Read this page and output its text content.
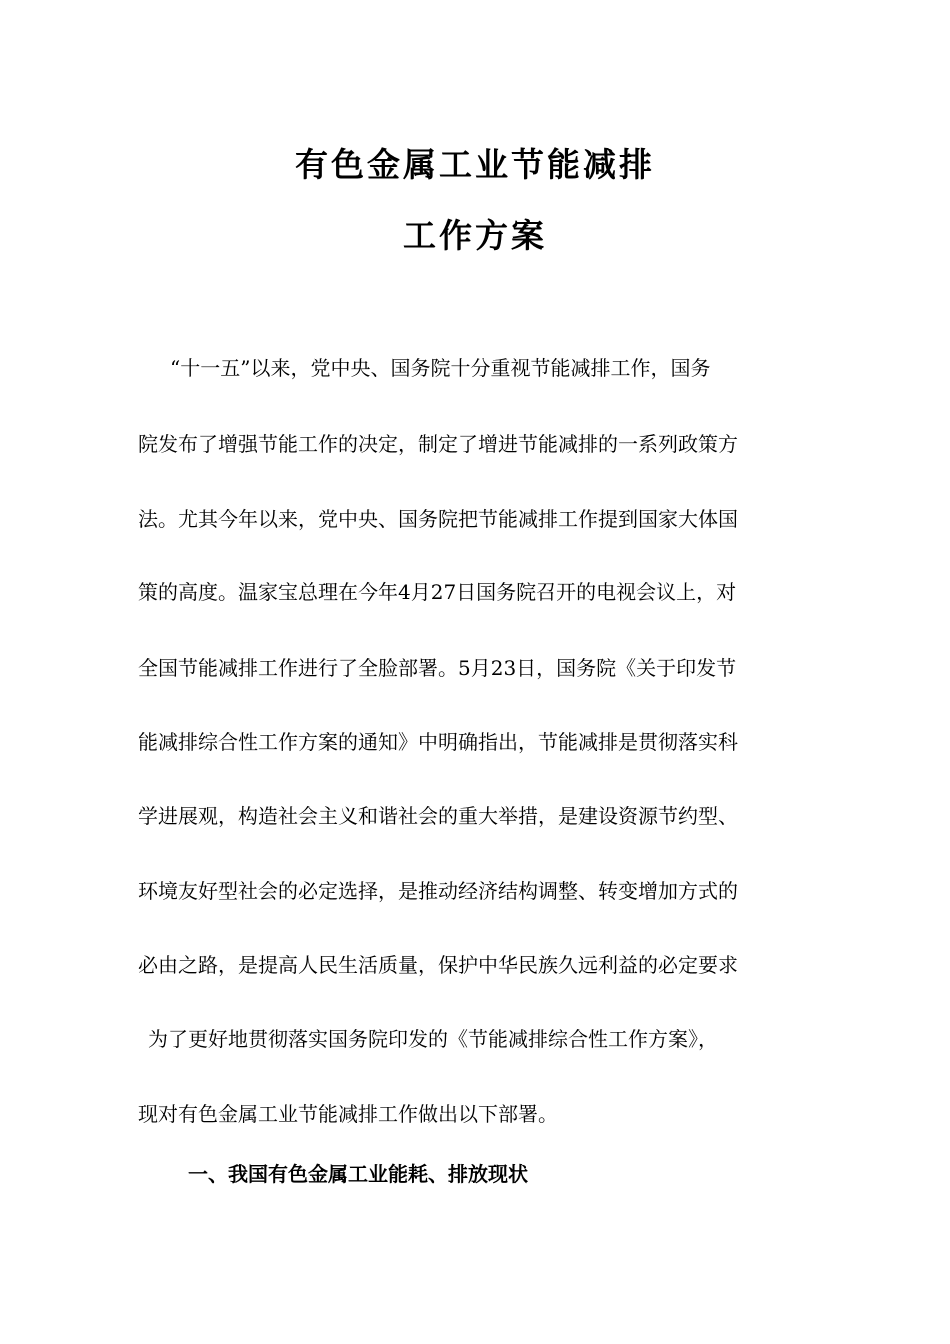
有色金属工业节能减排
工作方案
“十一五”以来，党中央、国务院十分重视节能减排工作，国务
院发布了增强节能工作的决定，制定了增进节能减排的一系列政策方
法。尤其今年以来，党中央、国务院把节能减排工作提到国家大体国
策的高度。温家宝总理在今年4月27日国务院召开的电视会议上，对
全国节能减排工作进行了全脸部署。5月23日，国务院《关于印发节
能减排综合性工作方案的通知》中明确指出，节能减排是贯彻落实科
学进展观，构造社会主义和谐社会的重大举措，是建设资源节约型、
环境友好型社会的必定选择，是推动经济结构调整、转变增加方式的
必由之路，是提高人民生活质量，保护中华民族久远利益的必定要求
为了更好地贯彻落实国务院印发的《节能减排综合性工作方案》，
现对有色金属工业节能减排工作做出以下部署。
一、我国有色金属工业能耗、排放现状
